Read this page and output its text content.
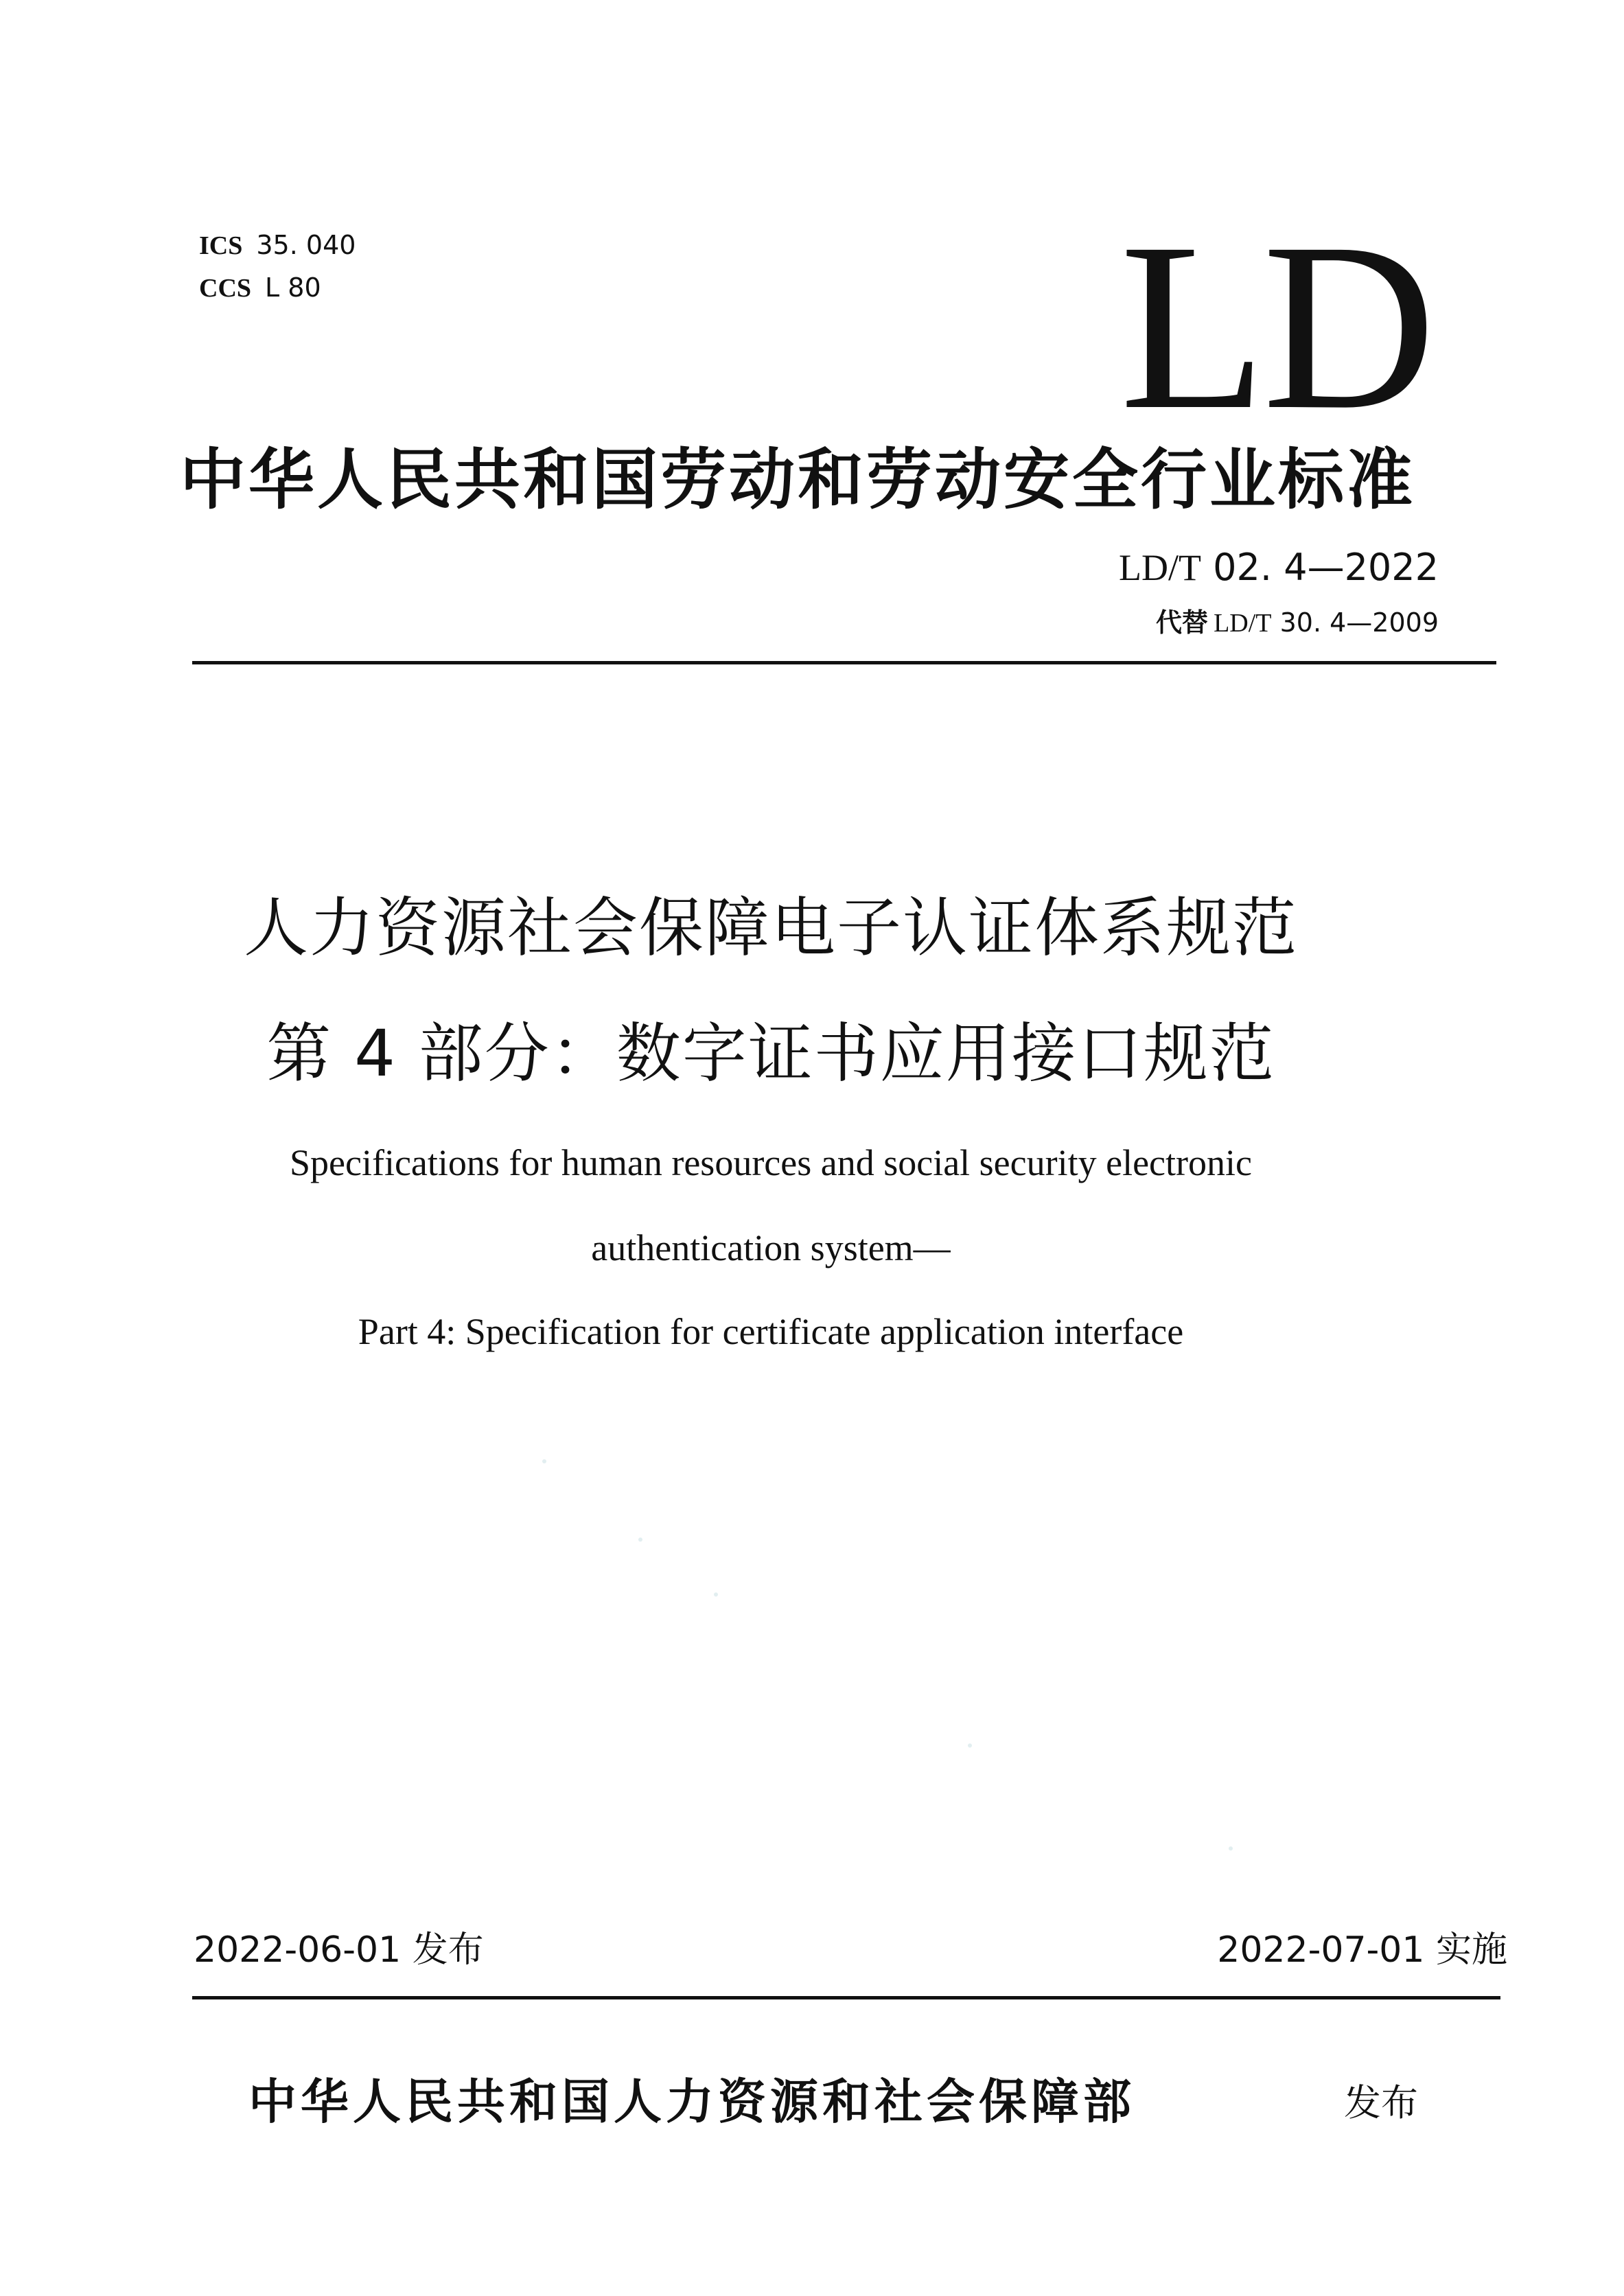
ICS 35. 040
CCS L 80	LD
中华人民共和国劳动和劳动安全行业标准
LD/T 02. 4—2022
代替 LD/T 30. 4—2009
人力资源社会保障电子认证体系规范
第 4 部分：数字证书应用接口规范
Specifications for human resources and social security electronic
authentication system—
Part 4: Specification for certificate application interface
2022-06-01 发布	2022-07-01 实施
中华人民共和国人力资源和社会保障部	发布
